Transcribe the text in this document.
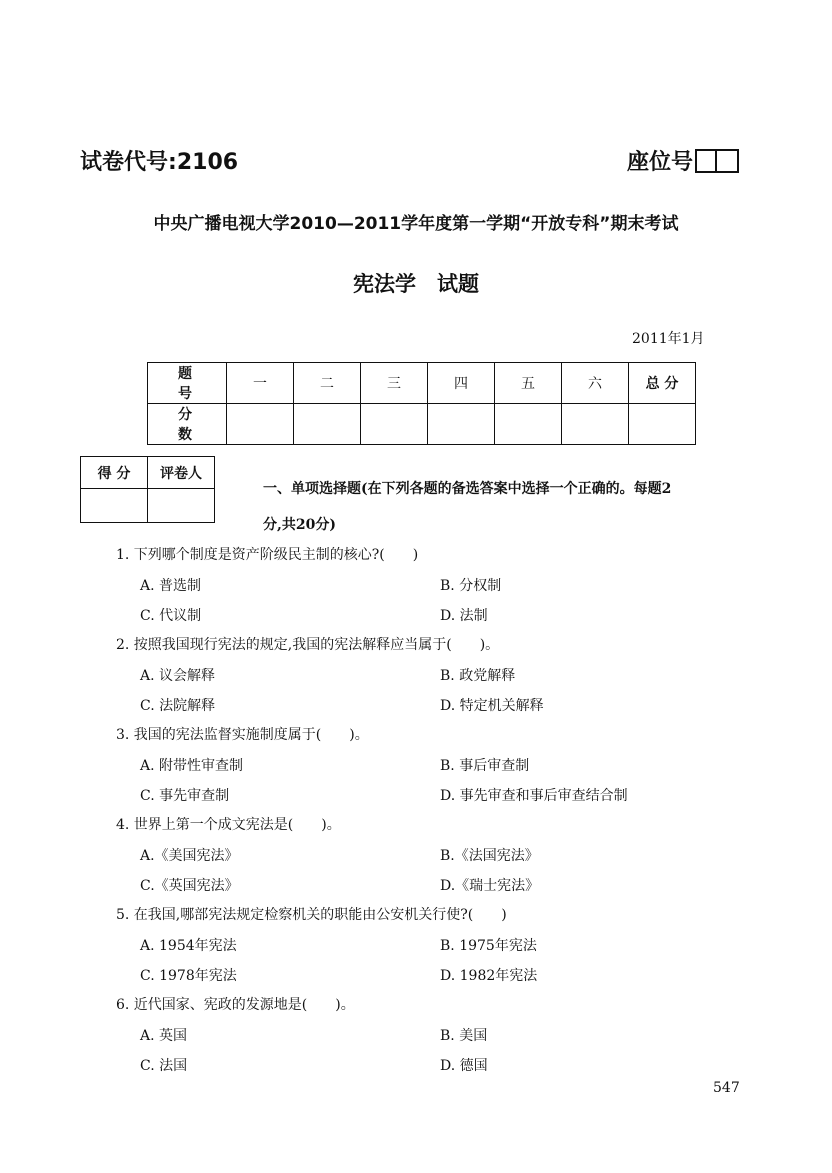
试卷代号:2106	座位号
中央广播电视大学2010—2011学年度第一学期“开放专科”期末考试
宪法学　试题
2011年1月
题 号	一	二	三	四	五	六	总 分
分 数							
得 分	评卷人

一、单项选择题(在下列各题的备选答案中选择一个正确的。每题2
分,共20分)
1. 下列哪个制度是资产阶级民主制的核心?(　　)
A. 普选制	B. 分权制
C. 代议制	D. 法制
2. 按照我国现行宪法的规定,我国的宪法解释应当属于(　　)。
A. 议会解释	B. 政党解释
C. 法院解释	D. 特定机关解释
3. 我国的宪法监督实施制度属于(　　)。
A. 附带性审查制	B. 事后审查制
C. 事先审查制	D. 事先审查和事后审查结合制
4. 世界上第一个成文宪法是(　　)。
A.《美国宪法》	B.《法国宪法》
C.《英国宪法》	D.《瑞士宪法》
5. 在我国,哪部宪法规定检察机关的职能由公安机关行使?(　　)
A. 1954年宪法	B. 1975年宪法
C. 1978年宪法	D. 1982年宪法
6. 近代国家、宪政的发源地是(　　)。
A. 英国	B. 美国
C. 法国	D. 德国
547
